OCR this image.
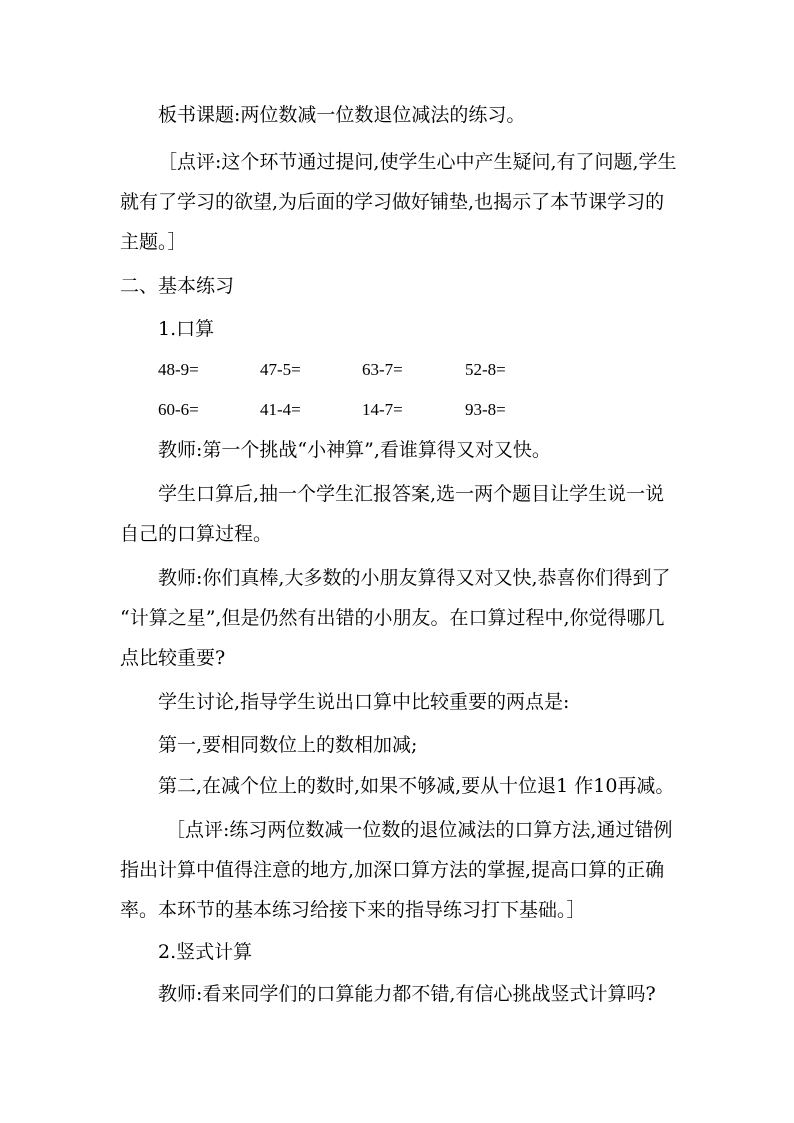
板书课题:两位数减一位数退位减法的练习。
［点评:这个环节通过提问,使学生心中产生疑问,有了问题,学生
就有了学习的欲望,为后面的学习做好铺垫,也揭示了本节课学习的
主题。］
二、基本练习
1.口算
48-9=	47-5=	63-7=	52-8=
60-6=	41-4=	14-7=	93-8=
教师:第一个挑战“小神算”,看谁算得又对又快。
学生口算后,抽一个学生汇报答案,选一两个题目让学生说一说
自己的口算过程。
教师:你们真棒,大多数的小朋友算得又对又快,恭喜你们得到了
“计算之星”,但是仍然有出错的小朋友。在口算过程中,你觉得哪几
点比较重要?
学生讨论,指导学生说出口算中比较重要的两点是:
第一,要相同数位上的数相加减;
第二,在减个位上的数时,如果不够减,要从十位退1 作10再减。
［点评:练习两位数减一位数的退位减法的口算方法,通过错例
指出计算中值得注意的地方,加深口算方法的掌握,提高口算的正确
率。本环节的基本练习给接下来的指导练习打下基础。］
2.竖式计算
教师:看来同学们的口算能力都不错,有信心挑战竖式计算吗?
